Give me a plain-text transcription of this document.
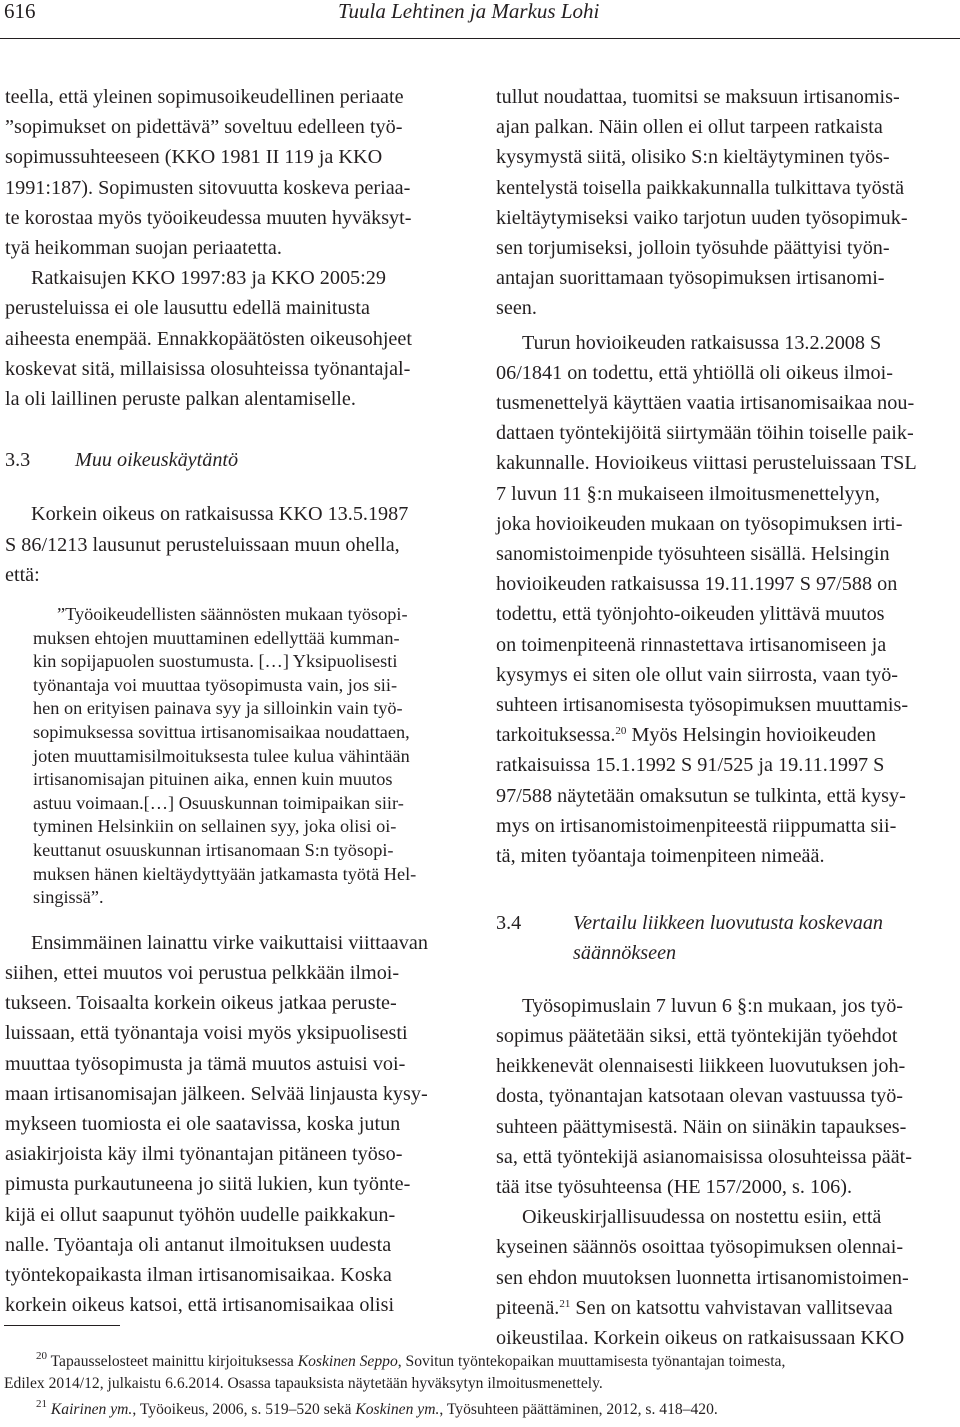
616	Tuula Lehtinen ja Markus Lohi

teella, että yleinen sopimusoikeudellinen periaate
”sopimukset on pidettävä” soveltuu edelleen työ-
sopimussuhteeseen (KKO 1981 II 119 ja KKO
1991:187). Sopimusten sitovuutta koskeva periaa-
te korostaa myös työoikeudessa muuten hyväksyt-
tyä heikomman suojan periaatetta.

Ratkaisujen KKO 1997:83 ja KKO 2005:29
perusteluissa ei ole lausuttu edellä mainitusta
aiheesta enempää. Ennakkopäätösten oikeusohjeet
koskevat sitä, millaisissa olosuhteissa työnantajal-
la oli laillinen peruste palkan alentamiselle.

3.3 Muu oikeuskäytäntö

Korkein oikeus on ratkaisussa KKO 13.5.1987
S 86/1213 lausunut perusteluissaan muun ohella,
että:

”Työoikeudellisten säännösten mukaan työsopi-
muksen ehtojen muuttaminen edellyttää kumman-
kin sopijapuolen suostumusta. […] Yksipuolisesti
työnantaja voi muuttaa työsopimusta vain, jos sii-
hen on erityisen painava syy ja silloinkin vain työ-
sopimuksessa sovittua irtisanomisaikaa noudattaen,
joten muuttamisilmoituksesta tulee kulua vähintään
irtisanomisajan pituinen aika, ennen kuin muutos
astuu voimaan.[…] Osuuskunnan toimipaikan siir-
tyminen Helsinkiin on sellainen syy, joka olisi oi-
keuttanut osuuskunnan irtisanomaan S:n työsopi-
muksen hänen kieltäydyttyään jatkamasta työtä Hel-
singissä”.

Ensimmäinen lainattu virke vaikuttaisi viittaavan
siihen, ettei muutos voi perustua pelkkään ilmoi-
tukseen. Toisaalta korkein oikeus jatkaa peruste-
luissaan, että työnantaja voisi myös yksipuolisesti
muuttaa työsopimusta ja tämä muutos astuisi voi-
maan irtisanomisajan jälkeen. Selvää linjausta kysy-
mykseen tuomiosta ei ole saatavissa, koska jutun
asiakirjoista käy ilmi työnantajan pitäneen työso-
pimusta purkautuneena jo siitä lukien, kun työnte-
kijä ei ollut saapunut työhön uudelle paikkakun-
nalle. Työantaja oli antanut ilmoituksen uudesta
työntekopaikasta ilman irtisanomisaikaa. Koska
korkein oikeus katsoi, että irtisanomisaikaa olisi

tullut noudattaa, tuomitsi se maksuun irtisanomis-
ajan palkan. Näin ollen ei ollut tarpeen ratkaista
kysymystä siitä, olisiko S:n kieltäytyminen työs-
kentelystä toisella paikkakunnalla tulkittava työstä
kieltäytymiseksi vaiko tarjotun uuden työsopimuk-
sen torjumiseksi, jolloin työsuhde päättyisi työn-
antajan suorittamaan työsopimuksen irtisanomi-
seen.

Turun hovioikeuden ratkaisussa 13.2.2008 S
06/1841 on todettu, että yhtiöllä oli oikeus ilmoi-
tusmenettelyä käyttäen vaatia irtisanomisaikaa nou-
dattaen työntekijöitä siirtymään töihin toiselle paik-
kakunnalle. Hovioikeus viittasi perusteluissaan TSL
7 luvun 11 §:n mukaiseen ilmoitusmenettelyyn,
joka hovioikeuden mukaan on työsopimuksen irti-
sanomistoimenpide työsuhteen sisällä. Helsingin
hovioikeuden ratkaisussa 19.11.1997 S 97/588 on
todettu, että työnjohto-oikeuden ylittävä muutos
on toimenpiteenä rinnastettava irtisanomiseen ja
kysymys ei siten ole ollut vain siirrosta, vaan työ-
suhteen irtisanomisesta työsopimuksen muuttamis-
tarkoituksessa.$^{20}$ Myös Helsingin hovioikeuden
ratkaisuissa 15.1.1992 S 91/525 ja 19.11.1997 S
97/588 näytetään omaksutun se tulkinta, että kysy-
mys on irtisanomistoimenpiteestä riippumatta sii-
tä, miten työantaja toimenpiteen nimeää.

3.4	Vertailu liikkeen luovutusta koskevaan
säännökseen

Työsopimuslain 7 luvun 6 §:n mukaan, jos työ-
sopimus päätetään siksi, että työntekijän työehdot
heikkenevät olennaisesti liikkeen luovutuksen joh-
dosta, työnantajan katsotaan olevan vastuussa työ-
suhteen päättymisestä. Näin on siinäkin tapaukses-
sa, että työntekijä asianomaisissa olosuhteissa päät-
tää itse työsuhteensa (HE 157/2000, s. 106).

Oikeuskirjallisuudessa on nostettu esiin, että
kyseinen säännös osoittaa työsopimuksen olennai-
sen ehdon muutoksen luonnetta irtisanomistoimen-
piteenä.$^{21}$ Sen on katsottu vahvistavan vallitsevaa
oikeustilaa. Korkein oikeus on ratkaisussaan KKO

$^{20}$ Tapausselosteet mainittu kirjoituksessa Koskinen Seppo, Sovitun työntekopaikan muuttamisesta työnantajan toimesta,
Edilex 2014/12, julkaistu 6.6.2014. Osassa tapauksista näytetään hyväksytyn ilmoitusmenettely.
$^{21}$ Kairinen ym., Työoikeus, 2006, s. 519–520 sekä Koskinen ym., Työsuhteen päättäminen, 2012, s. 418–420.
